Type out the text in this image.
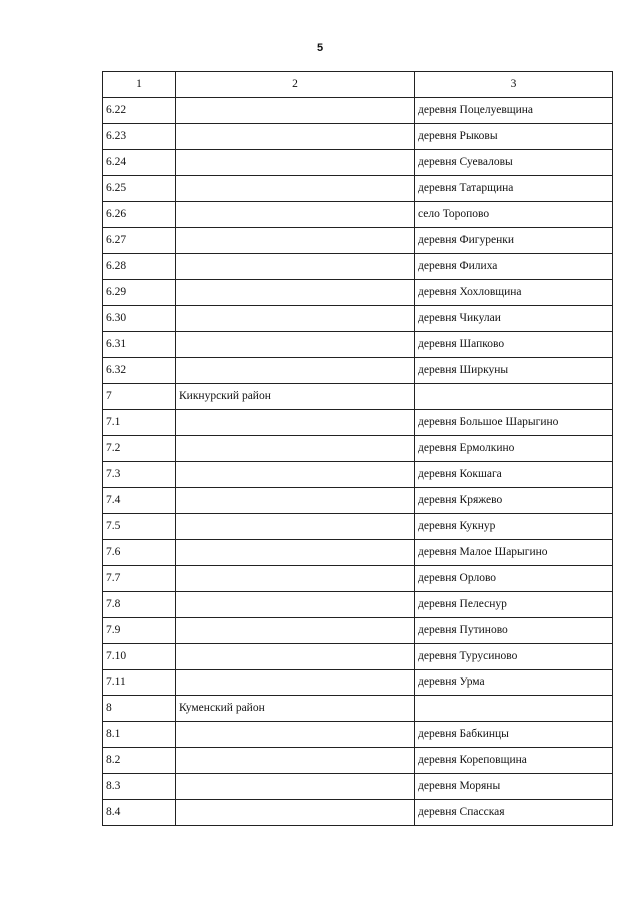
5
1	2	3
6.22		деревня Поцелуевщина
6.23		деревня Рыковы
6.24		деревня Суеваловы
6.25		деревня Татарщина
6.26		село Торопово
6.27		деревня Фигуренки
6.28		деревня Филиха
6.29		деревня Хохловщина
6.30		деревня Чикулаи
6.31		деревня Шапково
6.32		деревня Ширкуны
7	Кикнурский район	
7.1		деревня Большое Шарыгино
7.2		деревня Ермолкино
7.3		деревня Кокшага
7.4		деревня Кряжево
7.5		деревня Кукнур
7.6		деревня Малое Шарыгино
7.7		деревня Орлово
7.8		деревня Пелеснур
7.9		деревня Путиново
7.10		деревня Турусиново
7.11		деревня Урма
8	Куменский район	
8.1		деревня Бабкинцы
8.2		деревня Кореповщина
8.3		деревня Моряны
8.4		деревня Спасская
